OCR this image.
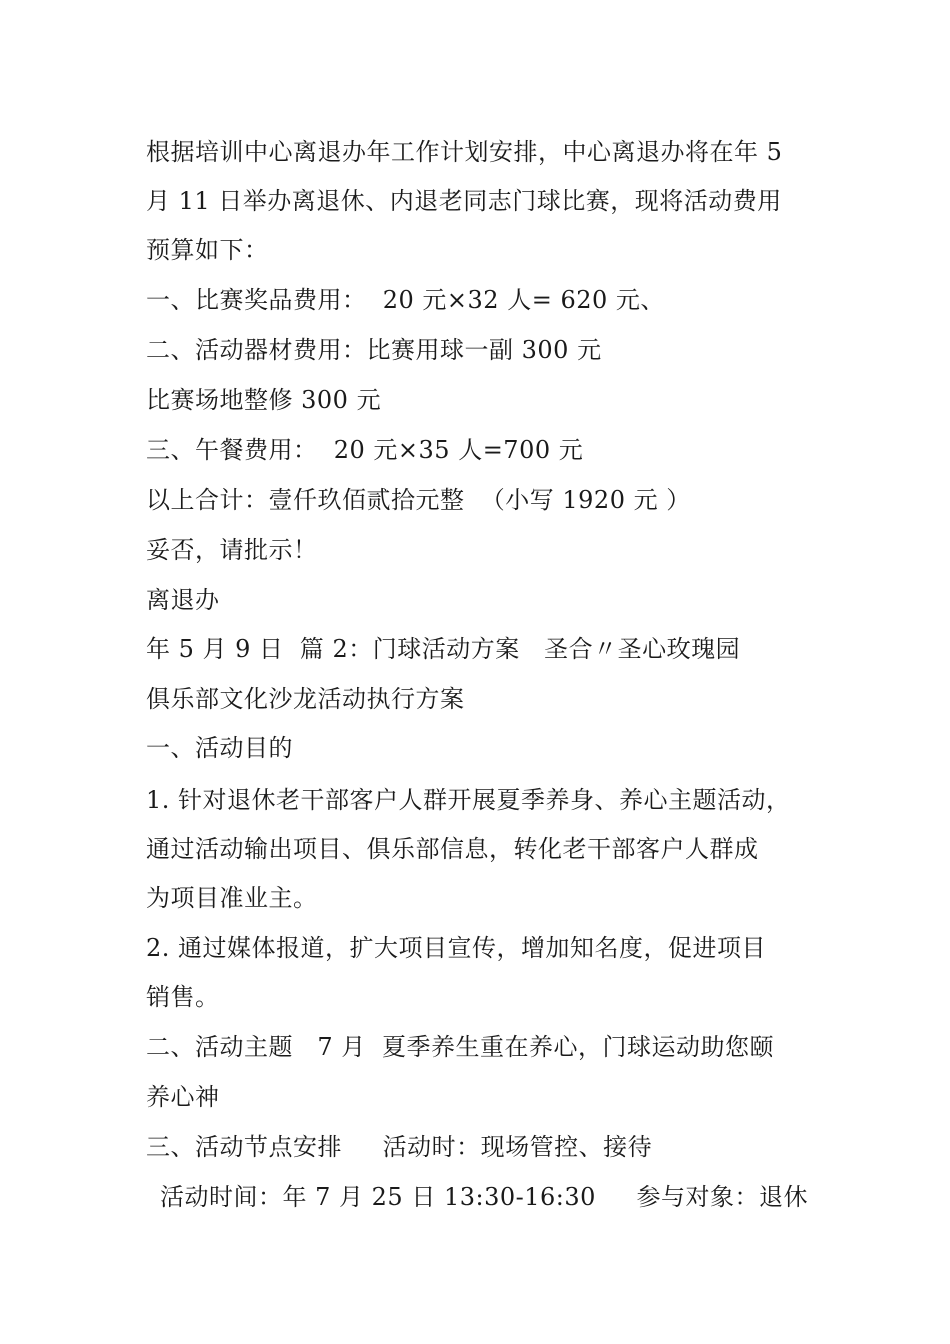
根据培训中心离退办年工作计划安排，中心离退办将在年 5
月 11 日举办离退休、内退老同志门球比赛，现将活动费用
预算如下：
一、比赛奖品费用：  20 元×32 人= 620 元、
二、活动器材费用：比赛用球一副 300 元
比赛场地整修 300 元
三、午餐费用：  20 元×35 人=700 元
以上合计：壹仟玖佰贰拾元整  （小写 1920 元 ）
妥否，请批示！
离退办
年 5 月 9 日  篇 2：门球活动方案   圣合〃圣心玫瑰园
俱乐部文化沙龙活动执行方案
一、活动目的
1. 针对退休老干部客户人群开展夏季养身、养心主题活动，
通过活动输出项目、俱乐部信息，转化老干部客户人群成
为项目准业主。
2. 通过媒体报道，扩大项目宣传，增加知名度，促进项目
销售。
二、活动主题   7 月  夏季养生重在养心，门球运动助您颐
养心神
三、活动节点安排     活动时：现场管控、接待
活动时间：年 7 月 25 日 13:30-16:30     参与对象：退休
